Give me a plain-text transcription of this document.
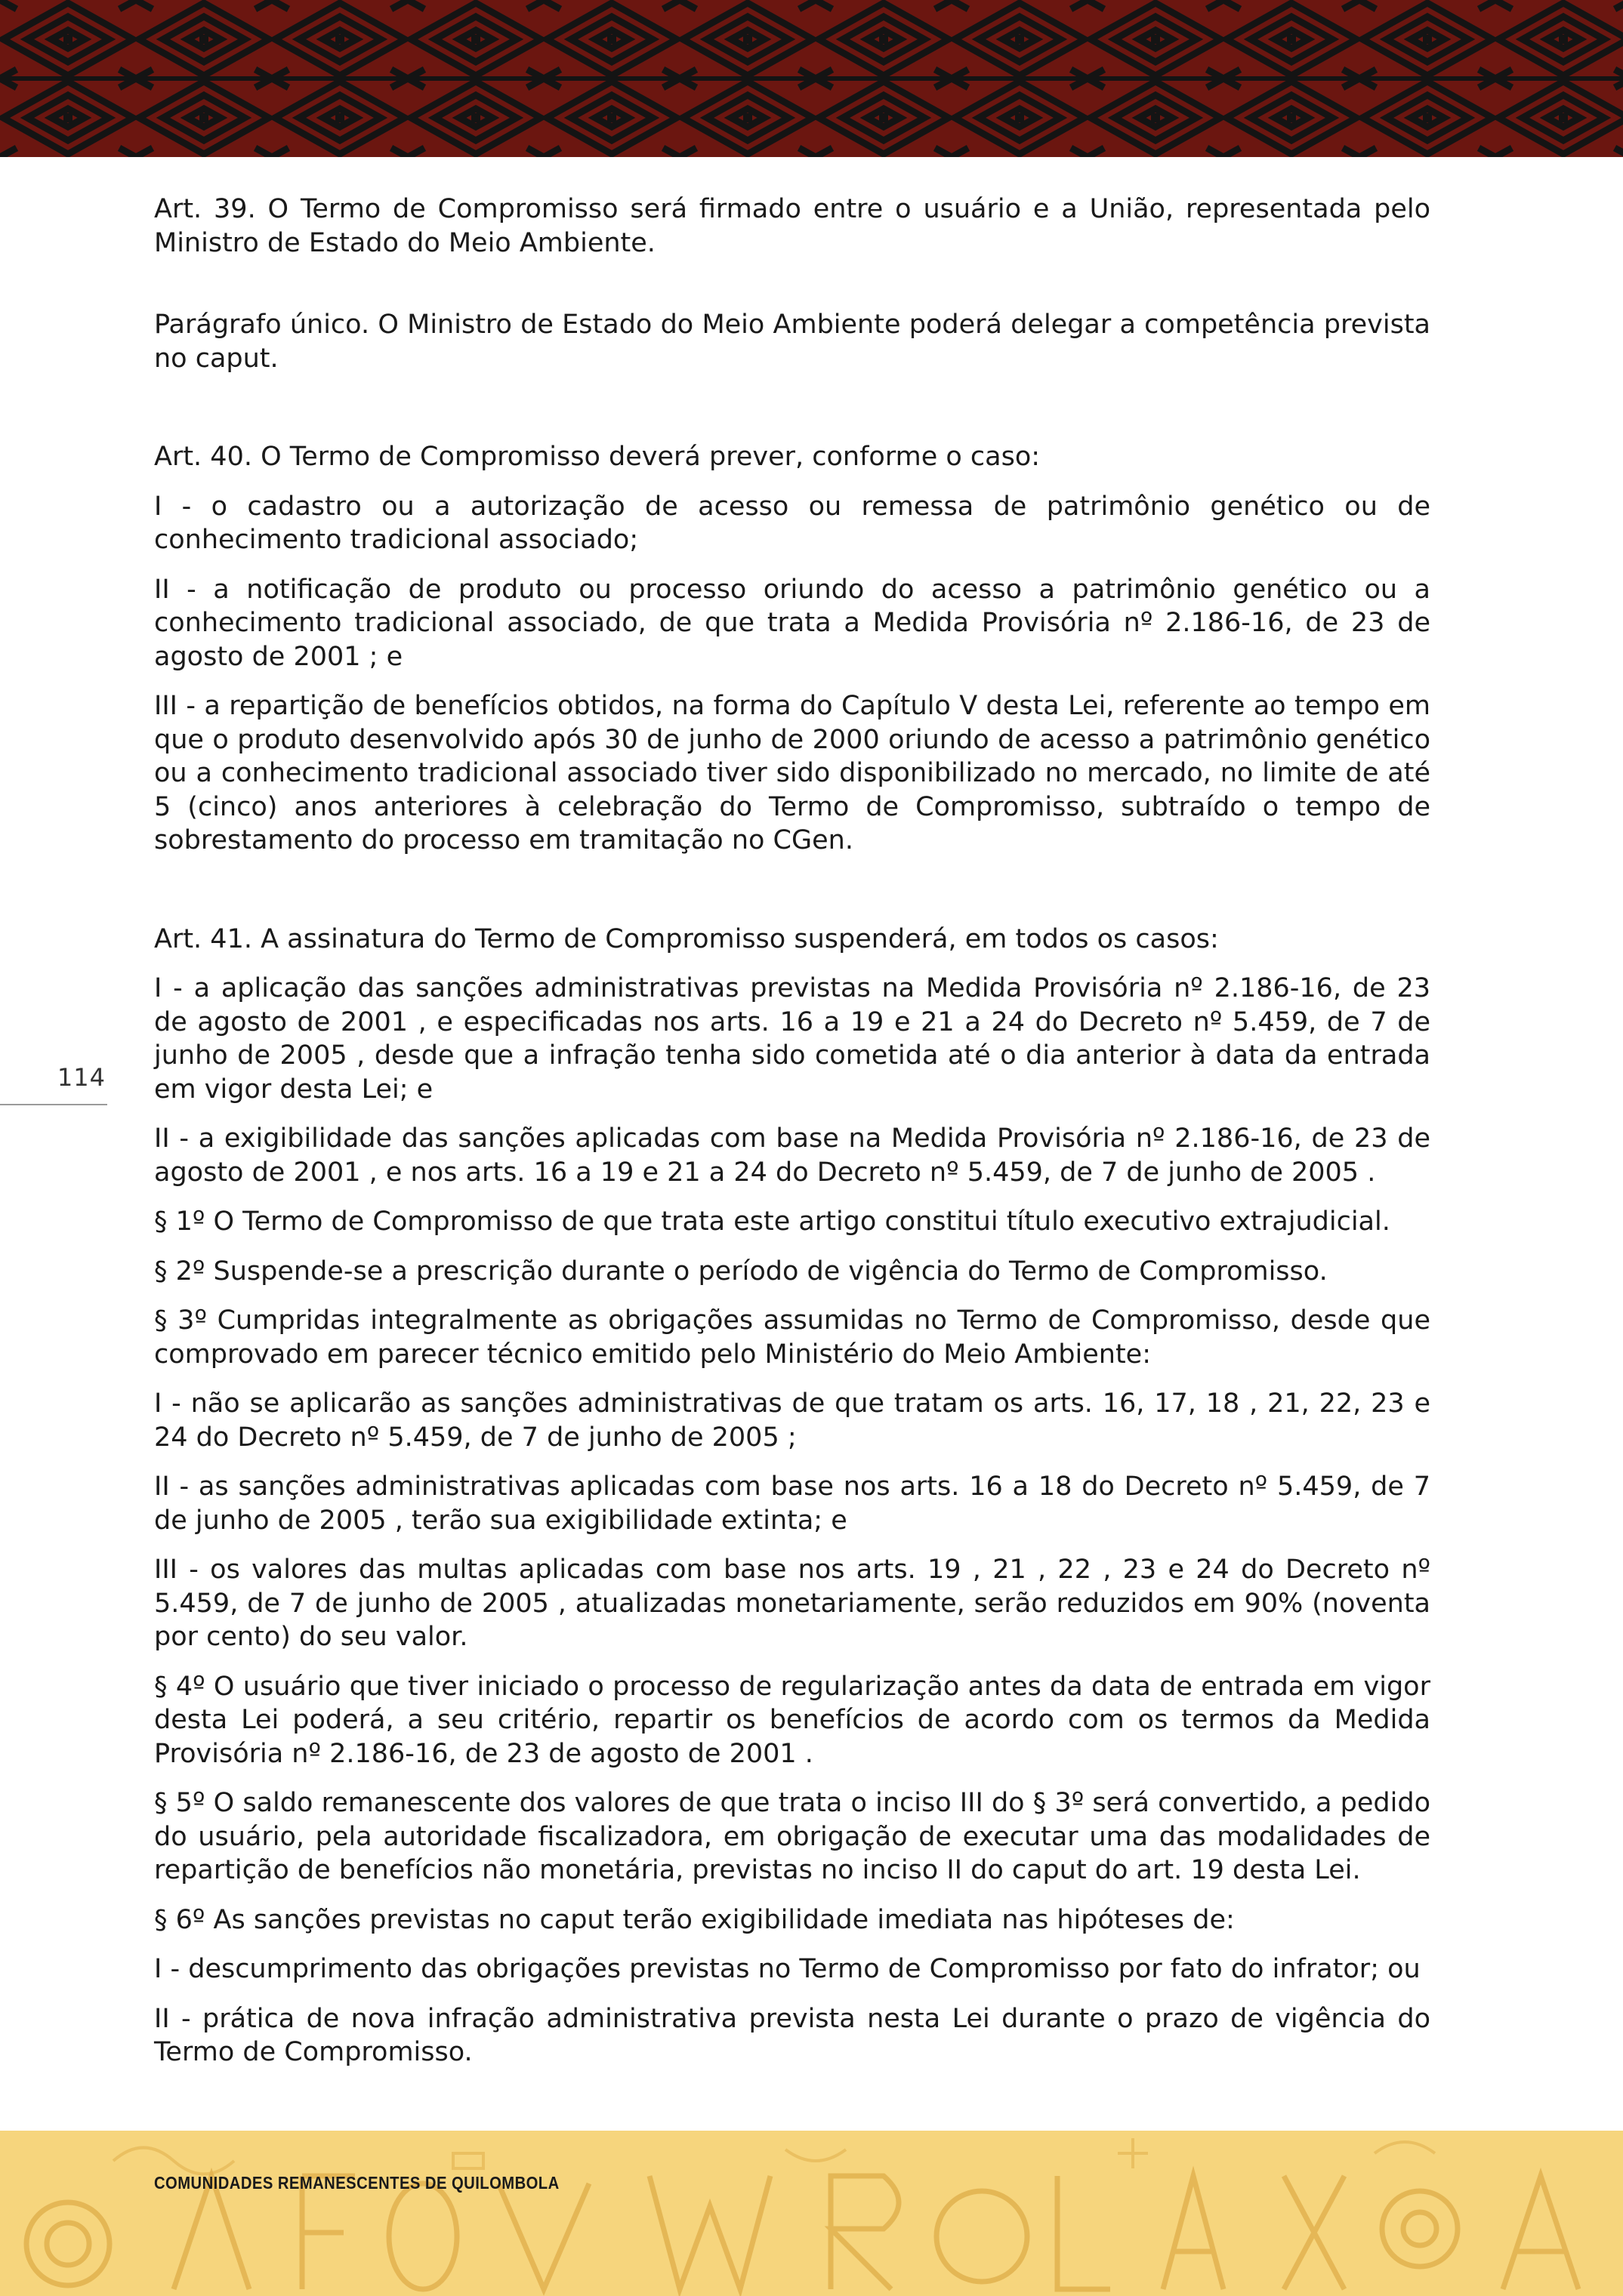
114

Art. 39. O Termo de Compromisso será firmado entre o usuário e a União, representada pelo Ministro de Estado do Meio Ambiente.

Parágrafo único. O Ministro de Estado do Meio Ambiente poderá delegar a competência prevista no caput.

Art. 40. O Termo de Compromisso deverá prever, conforme o caso:

I - o cadastro ou a autorização de acesso ou remessa de patrimônio genético ou de conhecimento tradicional associado;

II - a notificação de produto ou processo oriundo do acesso a patrimônio genético ou a conhecimento tradicional associado, de que trata a Medida Provisória nº 2.186-16, de 23 de agosto de 2001 ; e

III - a repartição de benefícios obtidos, na forma do Capítulo V desta Lei, referente ao tempo em que o produto desenvolvido após 30 de junho de 2000 oriundo de acesso a patrimônio genético ou a conhecimento tradicional associado tiver sido disponibilizado no mercado, no limite de até 5 (cinco) anos anteriores à celebração do Termo de Compromisso, subtraído o tempo de sobrestamento do processo em tramitação no CGen.

Art. 41. A assinatura do Termo de Compromisso suspenderá, em todos os casos:

I - a aplicação das sanções administrativas previstas na Medida Provisória nº 2.186-16, de 23 de agosto de 2001 , e especificadas nos arts. 16 a 19 e 21 a 24 do Decreto nº 5.459, de 7 de junho de 2005 , desde que a infração tenha sido cometida até o dia anterior à data da entrada em vigor desta Lei; e

II - a exigibilidade das sanções aplicadas com base na Medida Provisória nº 2.186-16, de 23 de agosto de 2001 , e nos arts. 16 a 19 e 21 a 24 do Decreto nº 5.459, de 7 de junho de 2005 .

§ 1º O Termo de Compromisso de que trata este artigo constitui título executivo extrajudicial.

§ 2º Suspende-se a prescrição durante o período de vigência do Termo de Compromisso.

§ 3º Cumpridas integralmente as obrigações assumidas no Termo de Compromisso, desde que comprovado em parecer técnico emitido pelo Ministério do Meio Ambiente:

I - não se aplicarão as sanções administrativas de que tratam os arts. 16, 17, 18 , 21, 22, 23 e 24 do Decreto nº 5.459, de 7 de junho de 2005 ;

II - as sanções administrativas aplicadas com base nos arts. 16 a 18 do Decreto nº 5.459, de 7 de junho de 2005 , terão sua exigibilidade extinta; e

III - os valores das multas aplicadas com base nos arts. 19 , 21 , 22 , 23 e 24 do Decreto nº 5.459, de 7 de junho de 2005 , atualizadas monetariamente, serão reduzidos em 90% (noventa por cento) do seu valor.

§ 4º O usuário que tiver iniciado o processo de regularização antes da data de entrada em vigor desta Lei poderá, a seu critério, repartir os benefícios de acordo com os termos da Medida Provisória nº 2.186-16, de 23 de agosto de 2001 .

§ 5º O saldo remanescente dos valores de que trata o inciso III do § 3º será convertido, a pedido do usuário, pela autoridade fiscalizadora, em obrigação de executar uma das modalidades de repartição de benefícios não monetária, previstas no inciso II do caput do art. 19 desta Lei.

§ 6º As sanções previstas no caput terão exigibilidade imediata nas hipóteses de:

I - descumprimento das obrigações previstas no Termo de Compromisso por fato do infrator; ou

II - prática de nova infração administrativa prevista nesta Lei durante o prazo de vigência do Termo de Compromisso.

COMUNIDADES REMANESCENTES DE QUILOMBOLA
